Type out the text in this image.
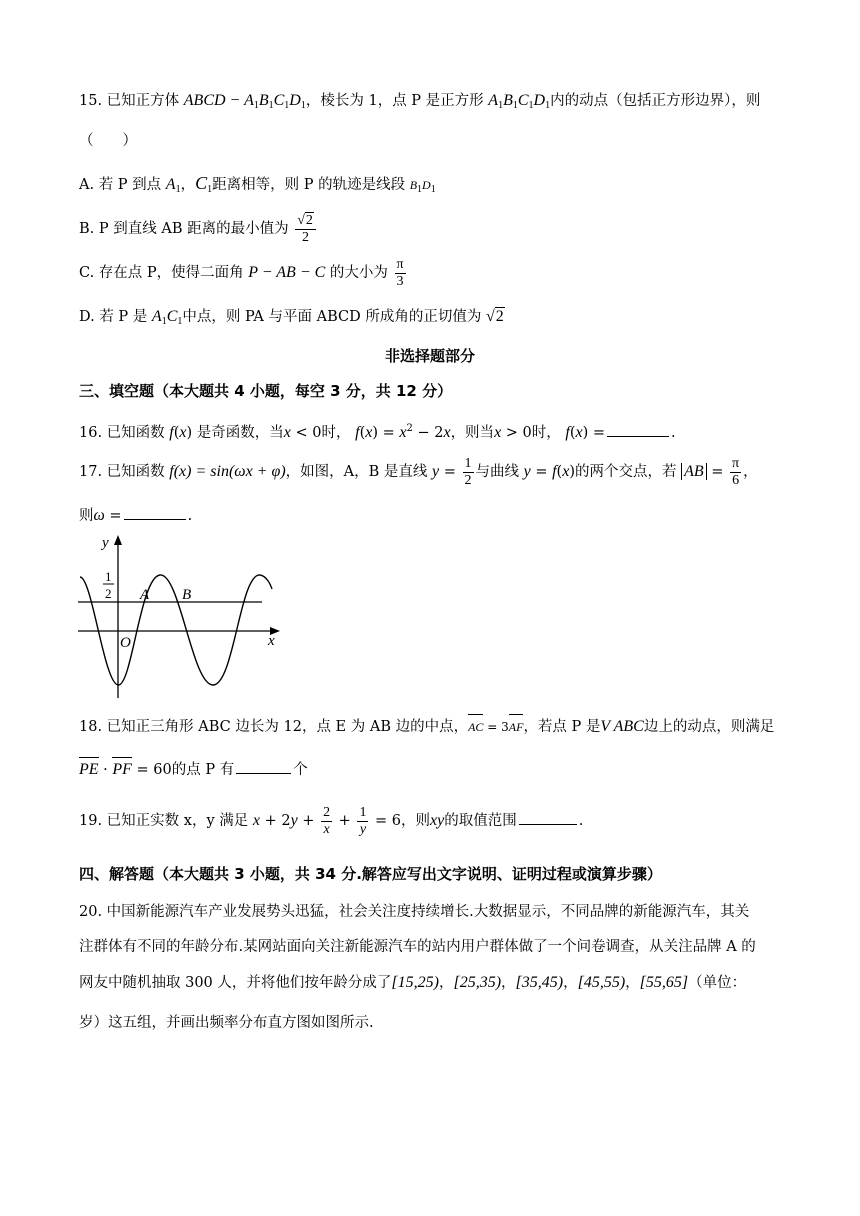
15. 已知正方体 ABCD − $A_1B_1C_1D_1$，棱长为 1，点 P 是正方形 $A_1B_1C_1D_1$内的动点（包括正方形边界），则
（　　）
A. 若 P 到点 $A_1$，$C_1$距离相等，则 P 的轨迹是线段 $B_1D_1$
B. P 到直线 AB 距离的最小值为 $\frac{√2}{2}$
C. 存在点 P，使得二面角 P − AB − C 的大小为 $\frac{\pi}{3}$
D. 若 P 是 $A_1C_1$中点，则 PA 与平面 ABCD 所成角的正切值为 √2
非选择题部分
三、填空题（本大题共 4 小题，每空 3 分，共 12 分）
16. 已知函数 f(x) 是奇函数，当x < 0时， $f(x) = x^2 - 2x$，则当x > 0时， f(x) =	.
17. 已知函数 f(x) = sin(ωx + φ)，如图，A，B 是直线 $y = \frac{1}{2}$ 与曲线 y = f(x)的两个交点，若 AB = $\frac{\pi}{6}$ ，
则ω =	.
y
x
O
1
2 A B
18. 已知正三角形 ABC 边长为 12，点 E 为 AB 边的中点，AC = 3AF，若点 P 是V ABC边上的动点，则满足
PE · PF = 60的点 P 有	个
19. 已知正实数 x，y 满足 $x + 2y + \frac{2}{x} + \frac{1}{y} = 6$，则xy的取值范围	.
四、解答题（本大题共 3 小题，共 34 分.解答应写出文字说明、证明过程或演算步骤）
20. 中国新能源汽车产业发展势头迅猛，社会关注度持续增长.大数据显示，不同品牌的新能源汽车，其关
注群体有不同的年龄分布.某网站面向关注新能源汽车的站内用户群体做了一个问卷调查，从关注品牌 A 的
网友中随机抽取 300 人，并将他们按年龄分成了[15,25)，[25,35)，[35,45)，[45,55)，[55,65]（单位：
岁）这五组，并画出频率分布直方图如图所示.
